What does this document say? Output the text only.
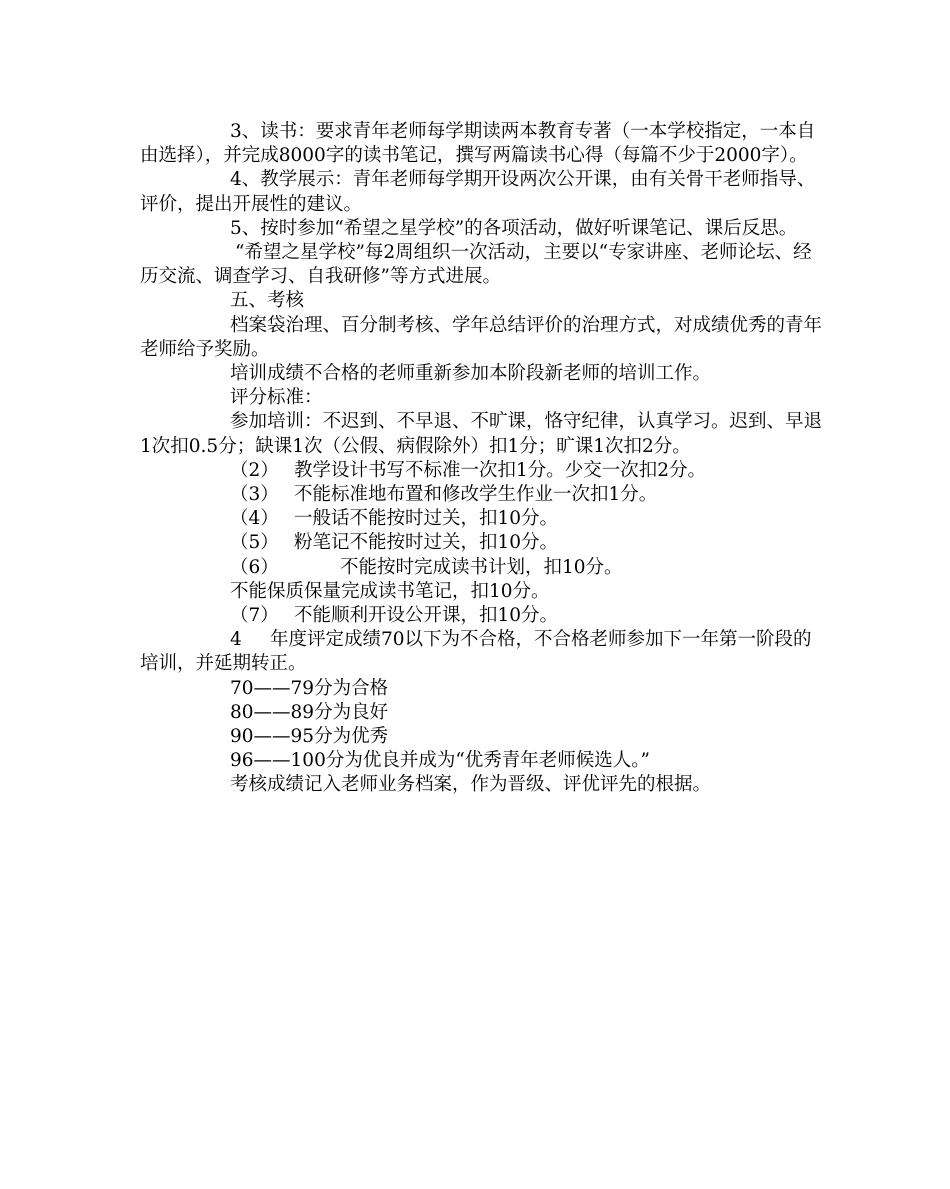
3、读书：要求青年老师每学期读两本教育专著（一本学校指定，一本自由选择），并完成8000字的读书笔记，撰写两篇读书心得（每篇不少于2000字）。

4、教学展示：青年老师每学期开设两次公开课，由有关骨干老师指导、评价，提出开展性的建议。

5、按时参加“希望之星学校”的各项活动，做好听课笔记、课后反思。

“希望之星学校”每2周组织一次活动，主要以“专家讲座、老师论坛、经历交流、调查学习、自我研修”等方式进展。

五、考核

档案袋治理、百分制考核、学年总结评价的治理方式，对成绩优秀的青年老师给予奖励。

培训成绩不合格的老师重新参加本阶段新老师的培训工作。

评分标准：

参加培训：不迟到、不早退、不旷课，恪守纪律，认真学习。迟到、早退1次扣0.5分；缺课1次（公假、病假除外）扣1分；旷课1次扣2分。

（2） 教学设计书写不标准一次扣1分。少交一次扣2分。

（3） 不能标准地布置和修改学生作业一次扣1分。

（4） 一般话不能按时过关，扣10分。

（5） 粉笔记不能按时过关，扣10分。

（6）	不能按时完成读书计划，扣10分。

不能保质保量完成读书笔记，扣10分。

（7） 不能顺利开设公开课，扣10分。

4 年度评定成绩70以下为不合格，不合格老师参加下一年第一阶段的培训，并延期转正。

70——79分为合格

80——89分为良好

90——95分为优秀

96——100分为优良并成为“优秀青年老师候选人。”

考核成绩记入老师业务档案，作为晋级、评优评先的根据。
